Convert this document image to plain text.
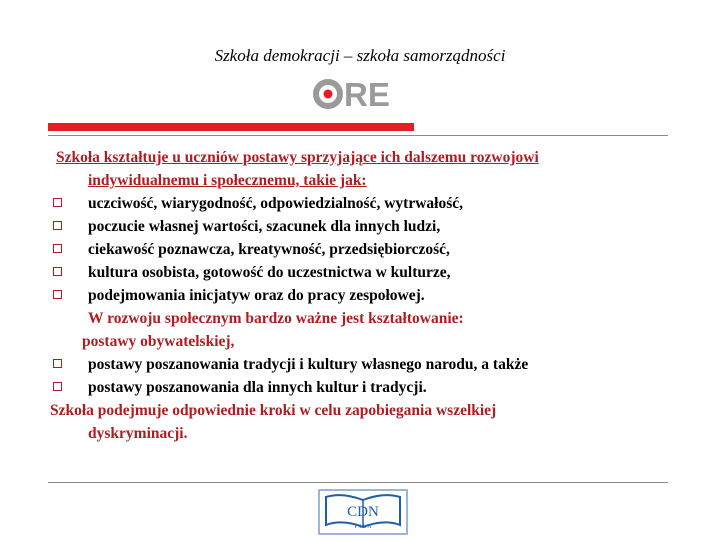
Szkoła demokracji – szkoła samorządności
RE
Szkoła kształtuje u uczniów postawy sprzyjające ich dalszemu rozwojowi
indywidualnemu i społecznemu, takie jak:
uczciwość, wiarygodność, odpowiedzialność, wytrwałość,
poczucie własnej wartości, szacunek dla innych ludzi,
ciekawość poznawcza, kreatywność, przedsiębiorczość,
kultura osobista, gotowość do uczestnictwa w kulturze,
podejmowania inicjatyw oraz do pracy zespołowej.
W rozwoju społecznym bardzo ważne jest kształtowanie:
postawy obywatelskiej,
postawy poszanowania tradycji i kultury własnego narodu, a także
postawy poszanowania dla innych kultur i tradycji.
Szkoła podejmuje odpowiednie kroki w celu zapobiegania wszelkiej
dyskryminacji.
CDN
P I L A
